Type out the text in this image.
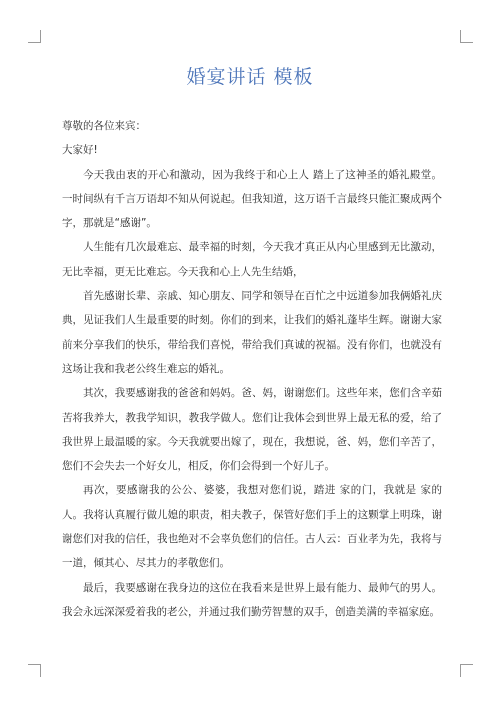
婚宴讲话 模板

尊敬的各位来宾：

大家好!

今天我由衷的开心和激动，因为我终于和心上人 踏上了这神圣的婚礼殿堂。一时间纵有千言万语却不知从何说起。但我知道，这万语千言最终只能汇聚成两个字，那就是“感谢”。

人生能有几次最难忘、最幸福的时刻，今天我才真正从内心里感到无比激动，无比幸福，更无比难忘。今天我和心上人先生结婚，

首先感谢长辈、亲戚、知心朋友、同学和领导在百忙之中远道参加我俩婚礼庆典，见证我们人生最重要的时刻。你们的到来，让我们的婚礼蓬毕生辉。谢谢大家前来分享我们的快乐，带给我们喜悦，带给我们真诚的祝福。没有你们，也就没有这场让我和我老公终生难忘的婚礼。

其次，我要感谢我的爸爸和妈妈。爸、妈，谢谢您们。这些年来，您们含辛茹苦将我养大，教我学知识，教我学做人。您们让我体会到世界上最无私的爱，给了我世界上最温暖的家。今天我就要出嫁了，现在，我想说，爸、妈，您们辛苦了，您们不会失去一个好女儿，相反，你们会得到一个好儿子。

再次，要感谢我的公公、婆婆，我想对您们说，踏进 家的门，我就是 家的人。我将认真履行做儿媳的职责，相夫教子，保管好您们手上的这颗掌上明珠，谢谢您们对我的信任，我也绝对不会辜负您们的信任。古人云：百业孝为先，我将与 一道，倾其心、尽其力的孝敬您们。

最后，我要感谢在我身边的这位在我看来是世界上最有能力、最帅气的男人。我会永远深深爱着我的老公，并通过我们勤劳智慧的双手，创造美满的幸福家庭。
